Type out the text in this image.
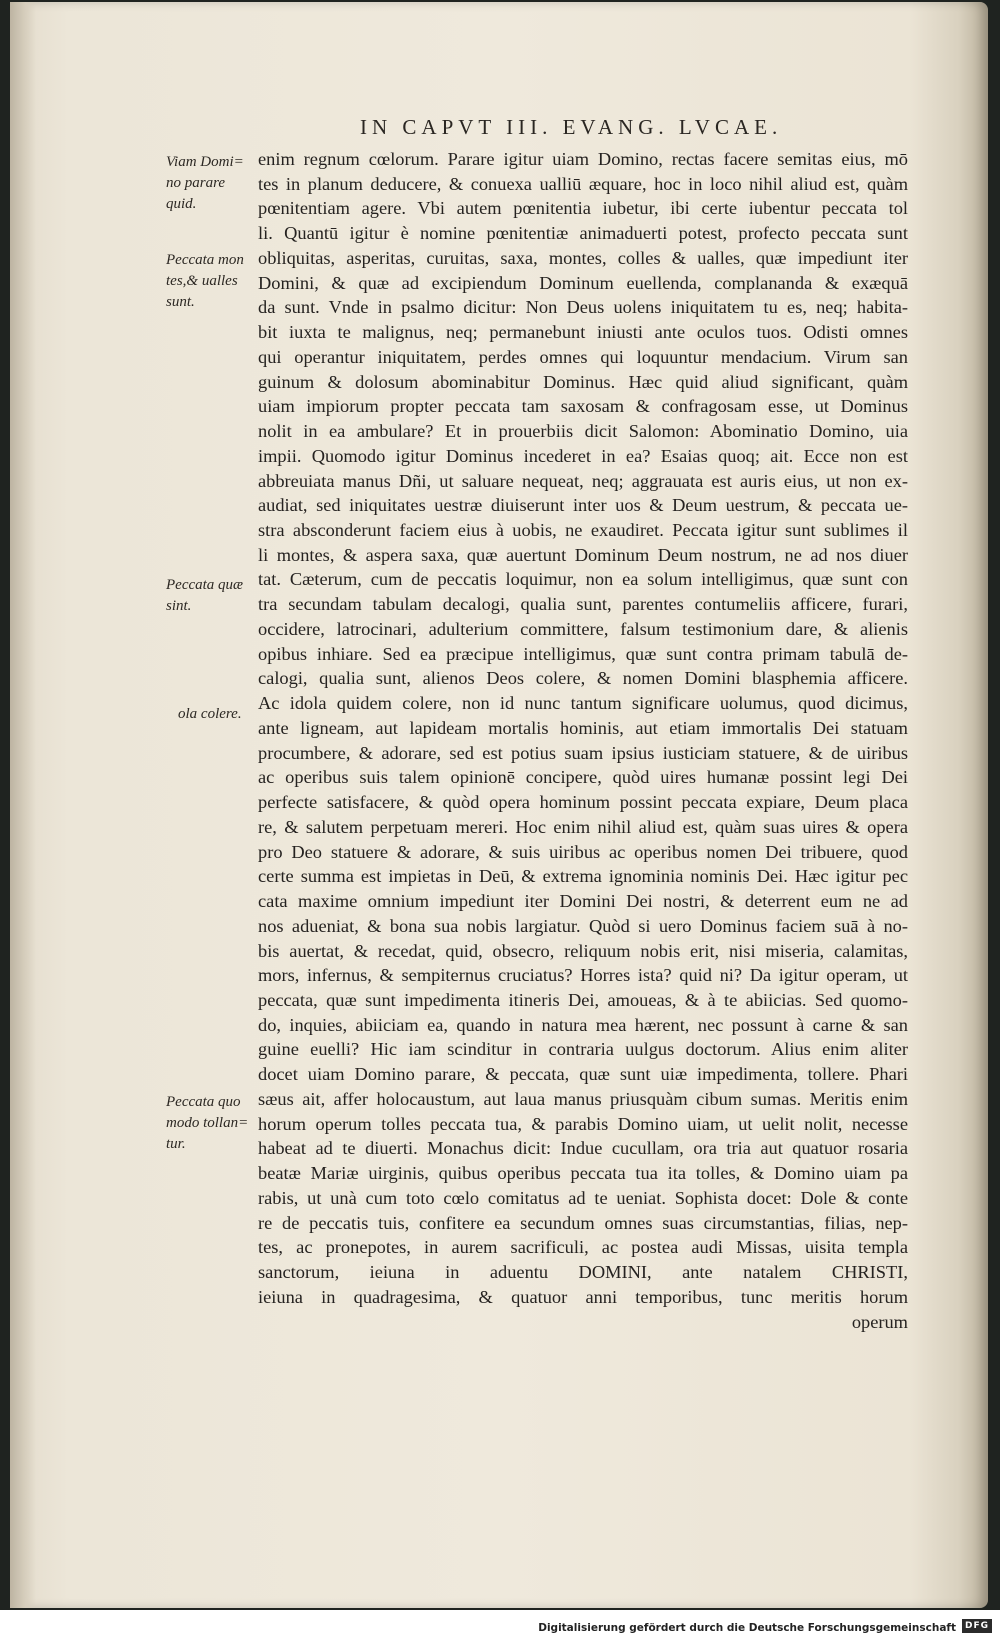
IN CAPVT III. EVANG. LVCAE.
Viam Domi=
no parare
quid.
Peccata mon
tes,& ualles
sunt.
Peccata quæ
sint.
ola colere.
Peccata quo
modo tollan=
tur.
enim regnum cœlorum. Parare igitur uiam Domino, rectas facere semitas eius, mō
tes in planum deducere, & conuexa ualliū æquare, hoc in loco nihil aliud est, quàm
pœnitentiam agere. Vbi autem pœnitentia iubetur, ibi certe iubentur peccata tol
li. Quantū igitur è nomine pœnitentiæ animaduerti potest, profecto peccata sunt
obliquitas, asperitas, curuitas, saxa, montes, colles & ualles, quæ impediunt iter
Domini, & quæ ad excipiendum Dominum euellenda, complananda & exæquā
da sunt. Vnde in psalmo dicitur: Non Deus uolens iniquitatem tu es, neq; habita-
bit iuxta te malignus, neq; permanebunt iniusti ante oculos tuos. Odisti omnes
qui operantur iniquitatem, perdes omnes qui loquuntur mendacium. Virum san
guinum & dolosum abominabitur Dominus. Hæc quid aliud significant, quàm
uiam impiorum propter peccata tam saxosam & confragosam esse, ut Dominus
nolit in ea ambulare? Et in prouerbiis dicit Salomon: Abominatio Domino, uia
impii. Quomodo igitur Dominus incederet in ea? Esaias quoq; ait. Ecce non est
abbreuiata manus Dñi, ut saluare nequeat, neq; aggrauata est auris eius, ut non ex-
audiat, sed iniquitates uestræ diuiserunt inter uos & Deum uestrum, & peccata ue-
stra absconderunt faciem eius à uobis, ne exaudiret. Peccata igitur sunt sublimes il
li montes, & aspera saxa, quæ auertunt Dominum Deum nostrum, ne ad nos diuer
tat. Cæterum, cum de peccatis loquimur, non ea solum intelligimus, quæ sunt con
tra secundam tabulam decalogi, qualia sunt, parentes contumeliis afficere, furari,
occidere, latrocinari, adulterium committere, falsum testimonium dare, & alienis
opibus inhiare. Sed ea præcipue intelligimus, quæ sunt contra primam tabulā de-
calogi, qualia sunt, alienos Deos colere, & nomen Domini blasphemia afficere.
Ac idola quidem colere, non id nunc tantum significare uolumus, quod dicimus,
ante ligneam, aut lapideam mortalis hominis, aut etiam immortalis Dei statuam
procumbere, & adorare, sed est potius suam ipsius iusticiam statuere, & de uiribus
ac operibus suis talem opinionē concipere, quòd uires humanæ possint legi Dei
perfecte satisfacere, & quòd opera hominum possint peccata expiare, Deum placa
re, & salutem perpetuam mereri. Hoc enim nihil aliud est, quàm suas uires & opera
pro Deo statuere & adorare, & suis uiribus ac operibus nomen Dei tribuere, quod
certe summa est impietas in Deū, & extrema ignominia nominis Dei. Hæc igitur pec
cata maxime omnium impediunt iter Domini Dei nostri, & deterrent eum ne ad
nos adueniat, & bona sua nobis largiatur. Quòd si uero Dominus faciem suā à no-
bis auertat, & recedat, quid, obsecro, reliquum nobis erit, nisi miseria, calamitas,
mors, infernus, & sempiternus cruciatus? Horres ista? quid ni? Da igitur operam, ut
peccata, quæ sunt impedimenta itineris Dei, amoueas, & à te abiicias. Sed quomo-
do, inquies, abiiciam ea, quando in natura mea hærent, nec possunt à carne & san
guine euelli? Hic iam scinditur in contraria uulgus doctorum. Alius enim aliter
docet uiam Domino parare, & peccata, quæ sunt uiæ impedimenta, tollere. Phari
sæus ait, affer holocaustum, aut laua manus priusquàm cibum sumas. Meritis enim
horum operum tolles peccata tua, & parabis Domino uiam, ut uelit nolit, necesse
habeat ad te diuerti. Monachus dicit: Indue cucullam, ora tria aut quatuor rosaria
beatæ Mariæ uirginis, quibus operibus peccata tua ita tolles, & Domino uiam pa
rabis, ut unà cum toto cœlo comitatus ad te ueniat. Sophista docet: Dole & conte
re de peccatis tuis, confitere ea secundum omnes suas circumstantias, filias, nep-
tes, ac pronepotes, in aurem sacrificuli, ac postea audi Missas, uisita templa
sanctorum, ieiuna in aduentu DOMINI, ante natalem CHRISTI,
ieiuna in quadragesima, & quatuor anni temporibus, tunc meritis horum
operum
Digitalisierung gefördert durch die Deutsche Forschungsgemeinschaft DFG
